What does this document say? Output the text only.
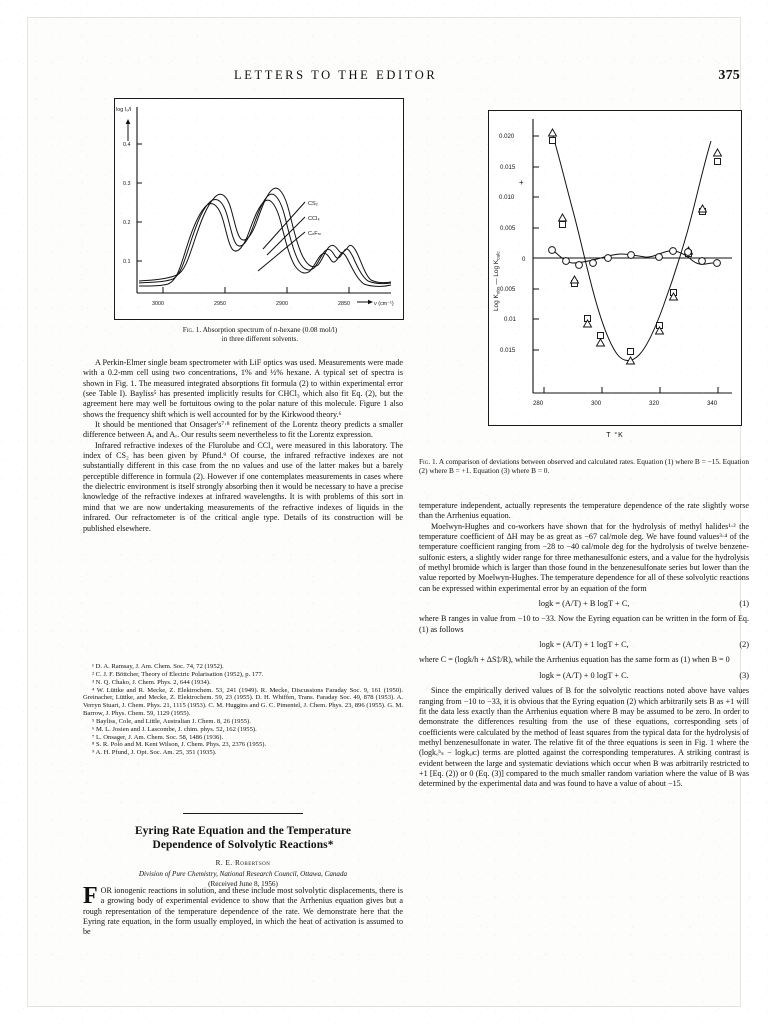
LETTERS TO THE EDITOR	375
0.1
0.2
0.3
0.4
log I₀/I
3000	2950	2900	2850	ν (cm⁻¹)
CS₂
CCl₄
CₙFₘ
Fig. 1. Absorption spectrum of n-hexane (0.08 mol/l)
in three different solvents.
0.020
0.015
0.010
0.005
0
0.005
0.01
0.015
+
Log $K_{obs}$ — Log $K_{calc}$
280	300	320	340
T °K
Fig. 1. A comparison of deviations between observed and calculated rates. Equation (1) where B = −15. Equation (2) where B = +1. Equation (3) where B = 0.

A Perkin-Elmer single beam spectrometer with LiF optics was used. Measurements were made with a 0.2-mm cell using two concentrations, 1% and ½% hexane. A typical set of spectra is shown in Fig. 1. The measured integrated absorptions fit formula (2) to within experimental error (see Table I). Bayliss⁵ has presented implicitly results for CHCl₃ which also fit Eq. (2), but the agreement here may well be fortuitous owing to the polar nature of this molecule. Figure 1 also shows the frequency shift which is well accounted for by the Kirkwood theory.⁶

It should be mentioned that Onsager's⁷‧⁸ refinement of the Lorentz theory predicts a smaller difference between Aₑ and Aᵣ. Our results seem nevertheless to fit the Lorentz expression.

Infrared refractive indexes of the Flurolube and CCl₄ were measured in this laboratory. The index of CS₂ has been given by Pfund.⁹ Of course, the infrared refractive indexes are not substantially different in this case from the nᴅ values and use of the latter makes but a barely perceptible difference in formula (2). However if one contemplates measurements in cases where the dielectric environment is itself strongly absorbing then it would be necessary to have a precise knowledge of the refractive indexes at infrared wavelengths. It is with problems of this sort in mind that we are now undertaking measurements of the refractive indexes of liquids in the infrared. Our refractometer is of the critical angle type. Details of its construction will be published elsewhere.

¹ D. A. Ramsay, J. Am. Chem. Soc. 74, 72 (1952).
² C. J. F. Böttcher, Theory of Electric Polarisation (1952), p. 177.
³ N. Q. Chako, J. Chem. Phys. 2, 644 (1934).
⁴ W. Lüttke and R. Mecke, Z. Elektrochem. 53, 241 (1949). R. Mecke, Discussions Faraday Soc. 9, 161 (1950). Greinacher, Lüttke, and Mecke, Z. Elektrochem. 59, 23 (1955). D. H. Whiffen, Trans. Faraday Soc. 49, 878 (1953). A. Verryn Stuart, J. Chem. Phys. 21, 1115 (1953). C. M. Huggins and G. C. Pimentel, J. Chem. Phys. 23, 896 (1955). G. M. Barrow, J. Phys. Chem. 59, 1129 (1955).
⁵ Bayliss, Cole, and Little, Australian J. Chem. 8, 26 (1955).
⁶ M. L. Josien and J. Lascombe, J. chim. phys. 52, 162 (1955).
⁷ L. Onsager, J. Am. Chem. Soc. 58, 1486 (1936).
⁸ S. R. Polo and M. Kent Wilson, J. Chem. Phys. 23, 2376 (1955).
⁹ A. H. Pfund, J. Opt. Soc. Am. 25, 351 (1935).
Eyring Rate Equation and the Temperature
Dependence of Solvolytic Reactions*
R. E. Robertson
Division of Pure Chemistry, National Research Council, Ottawa, Canada
(Received June 8, 1956)
FOR ionogenic reactions in solution, and these include most solvolytic displacements, there is a growing body of experimental evidence to show that the Arrhenius equation gives but a rough representation of the temperature dependence of the rate. We demonstrate here that the Eyring rate equation, in the form usually employed, in which the heat of activation is assumed to be

temperature independent, actually represents the temperature dependence of the rate slightly worse than the Arrhenius equation.

Moelwyn-Hughes and co-workers have shown that for the hydrolysis of methyl halides¹‧² the temperature coefficient of ΔH may be as great as −67 cal/mole deg. We have found values³‧⁴ of the temperature coefficient ranging from −28 to −40 cal/mole deg for the hydrolysis of twelve benzene-sulfonic esters, a slightly wider range for three methanesulfonic esters, and a value for the hydrolysis of methyl bromide which is larger than those found in the benzenesulfonate series but lower than the value reported by Moelwyn-Hughes. The temperature dependence for all of these solvolytic reactions can be expressed within experimental error by an equation of the form

logk = (A/T) + B logT + C,	(1)

where B ranges in value from −10 to −33. Now the Eyring equation can be written in the form of Eq. (1) as follows

logk = (A/T) + 1 logT + C,	(2)

where C = (logk/h + ΔS‡/R), while the Arrhenius equation has the same form as (1) when B = 0

logk = (A/T) + 0 logT + C.	(3)

Since the empirically derived values of B for the solvolytic reactions noted above have values ranging from −10 to −33, it is obvious that the Eyring equation (2) which arbitrarily sets B as +1 will fit the data less exactly than the Arrhenius equation where B may be assumed to be zero. In order to demonstrate the differences resulting from the use of these equations, corresponding sets of coefficients were calculated by the method of least squares from the typical data for the hydrolysis of methyl benzenesulfonate in water. The relative fit of the three equations is seen in Fig. 1 where the (logkₒᵇₛ − logkₐₗᴄ) terms are plotted against the corresponding temperatures. A striking contrast is evident between the large and systematic deviations which occur when B was arbitrarily restricted to +1 [Eq. (2)) or 0 (Eq. (3)] compared to the much smaller random variation where the value of B was determined by the experimental data and was found to have a value of about −15.
